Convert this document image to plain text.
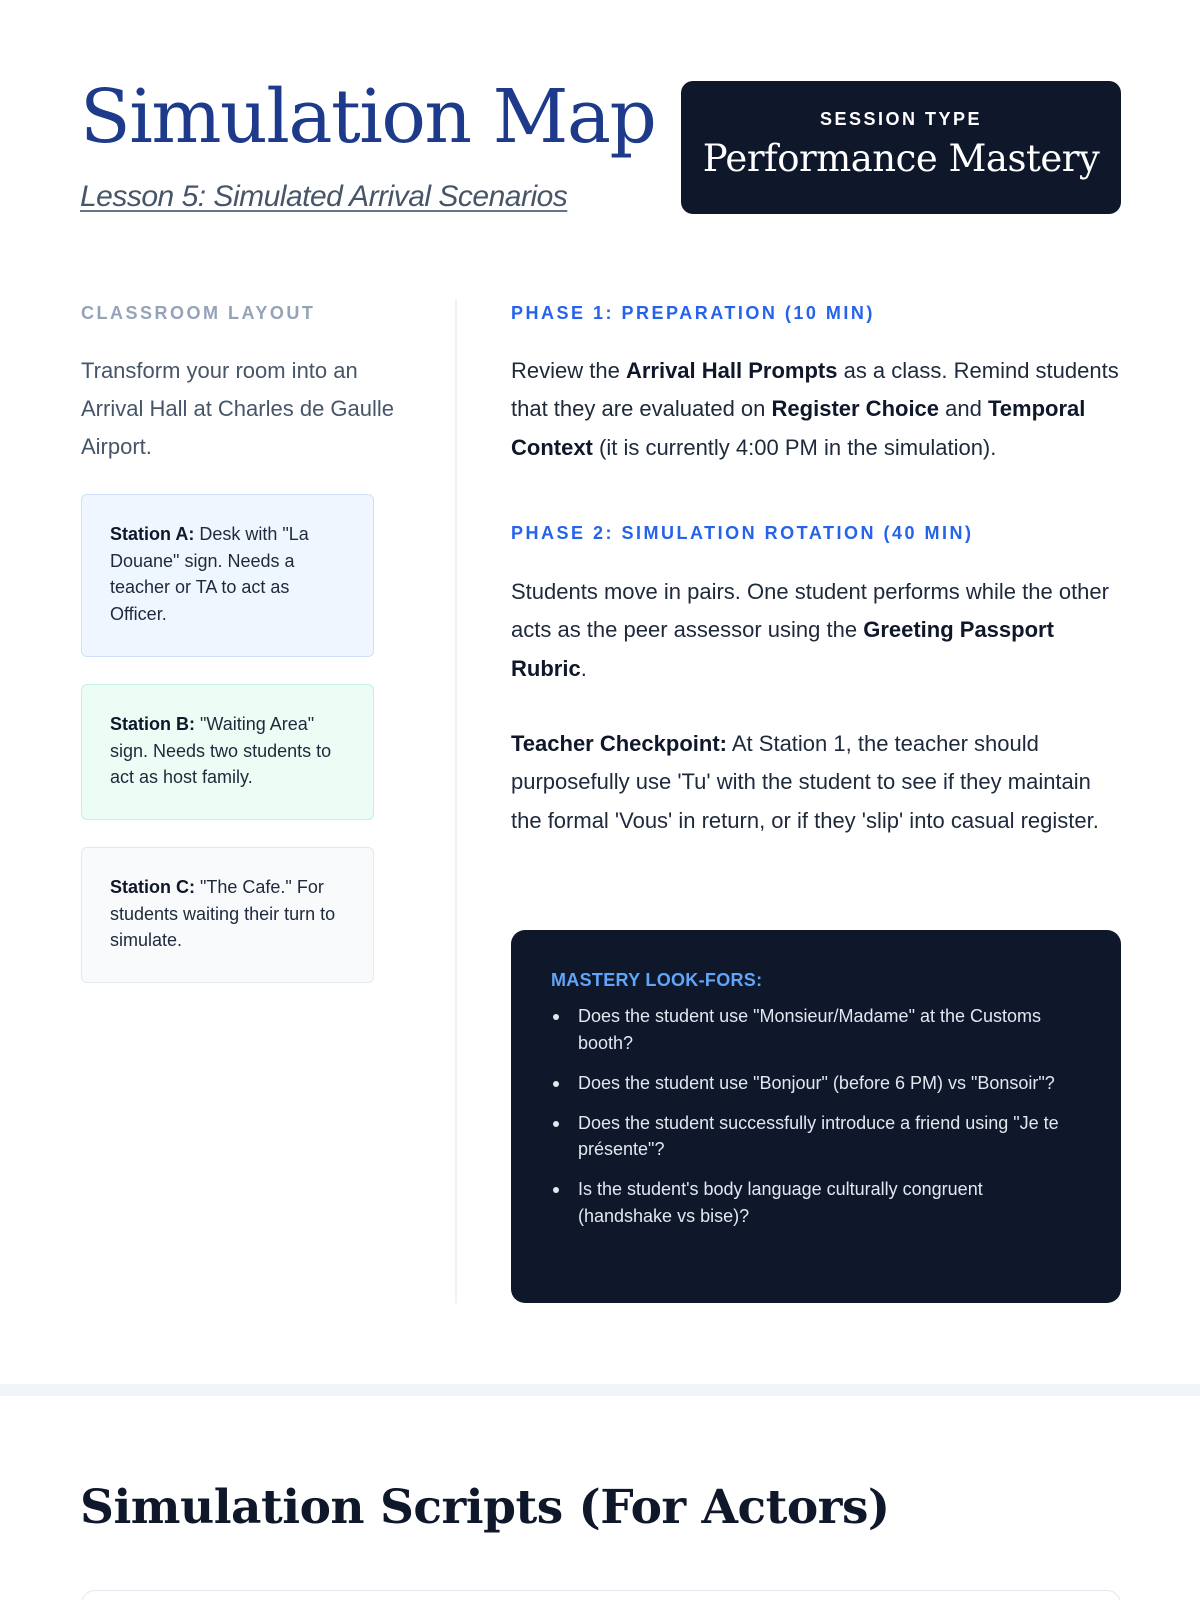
Simulation Map
Lesson 5: Simulated Arrival Scenarios
SESSION TYPE
Performance Mastery
CLASSROOM LAYOUT

Transform your room into an Arrival Hall at Charles de Gaulle Airport.

Station A: Desk with "La Douane" sign. Needs a teacher or TA to act as Officer.
Station B: "Waiting Area" sign. Needs two students to act as host family.
Station C: "The Cafe." For students waiting their turn to simulate.
PHASE 1: PREPARATION (10 MIN)

Review the Arrival Hall Prompts as a class. Remind students that they are evaluated on Register Choice and Temporal Context (it is currently 4:00 PM in the simulation).

PHASE 2: SIMULATION ROTATION (40 MIN)

Students move in pairs. One student performs while the other acts as the peer assessor using the Greeting Passport Rubric.

Teacher Checkpoint: At Station 1, the teacher should purposefully use 'Tu' with the student to see if they maintain the formal 'Vous' in return, or if they 'slip' into casual register.

MASTERY LOOK-FORS:
Does the student use "Monsieur/Madame" at the Customs booth?
Does the student use "Bonjour" (before 6 PM) vs "Bonsoir"?
Does the student successfully introduce a friend using "Je te présente"?
Is the student's body language culturally congruent (handshake vs bise)?
Simulation Scripts (For Actors)
